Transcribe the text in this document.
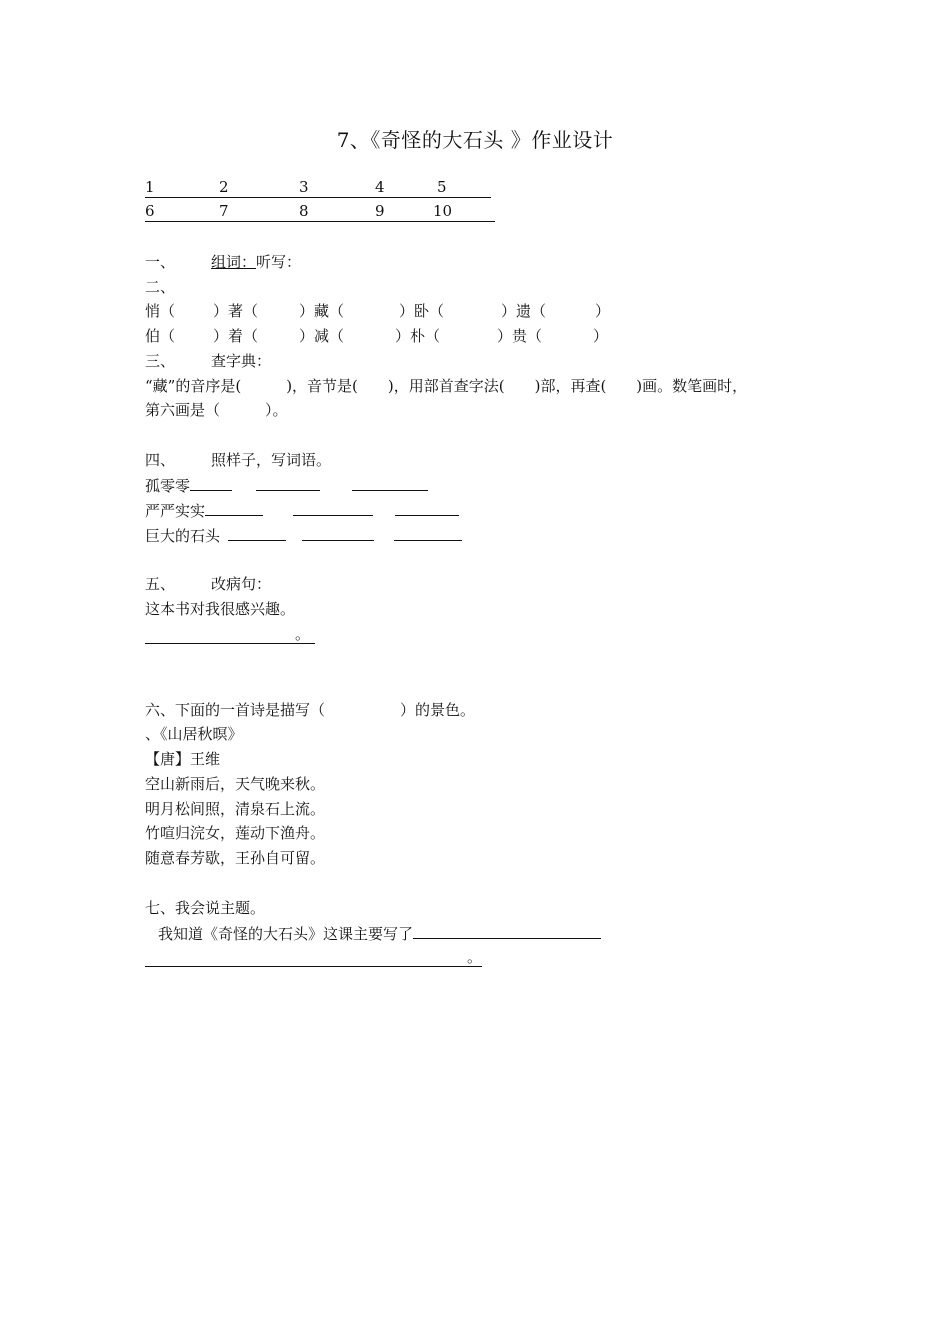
7、《奇怪的大石头 》作业设计
1	2	3	4	5
6	7	8	9	10
一、 组词：听写：
二、
悄（	）著（	）藏（	）卧（	）遗（	）
伯（	）着（	）减（	）朴（	）贵（	）
三、 查字典：
“藏”的音序是(　　　)，音节是(　　)，用部首查字法(　　)部，再查(　　)画。数笔画时，
第六画是（　　　）。
四、 照样子，写词语。
孤零零
严严实实
巨大的石头
五、 改病句：
这本书对我很感兴趣。
。
六、下面的一首诗是描写（　　　　　）的景色。
、《山居秋暝》
【唐】王维
空山新雨后，天气晚来秋。
明月松间照，清泉石上流。
竹喧归浣女，莲动下渔舟。
随意春芳歇，王孙自可留。
七、我会说主题。
我知道《奇怪的大石头》这课主要写了
。
